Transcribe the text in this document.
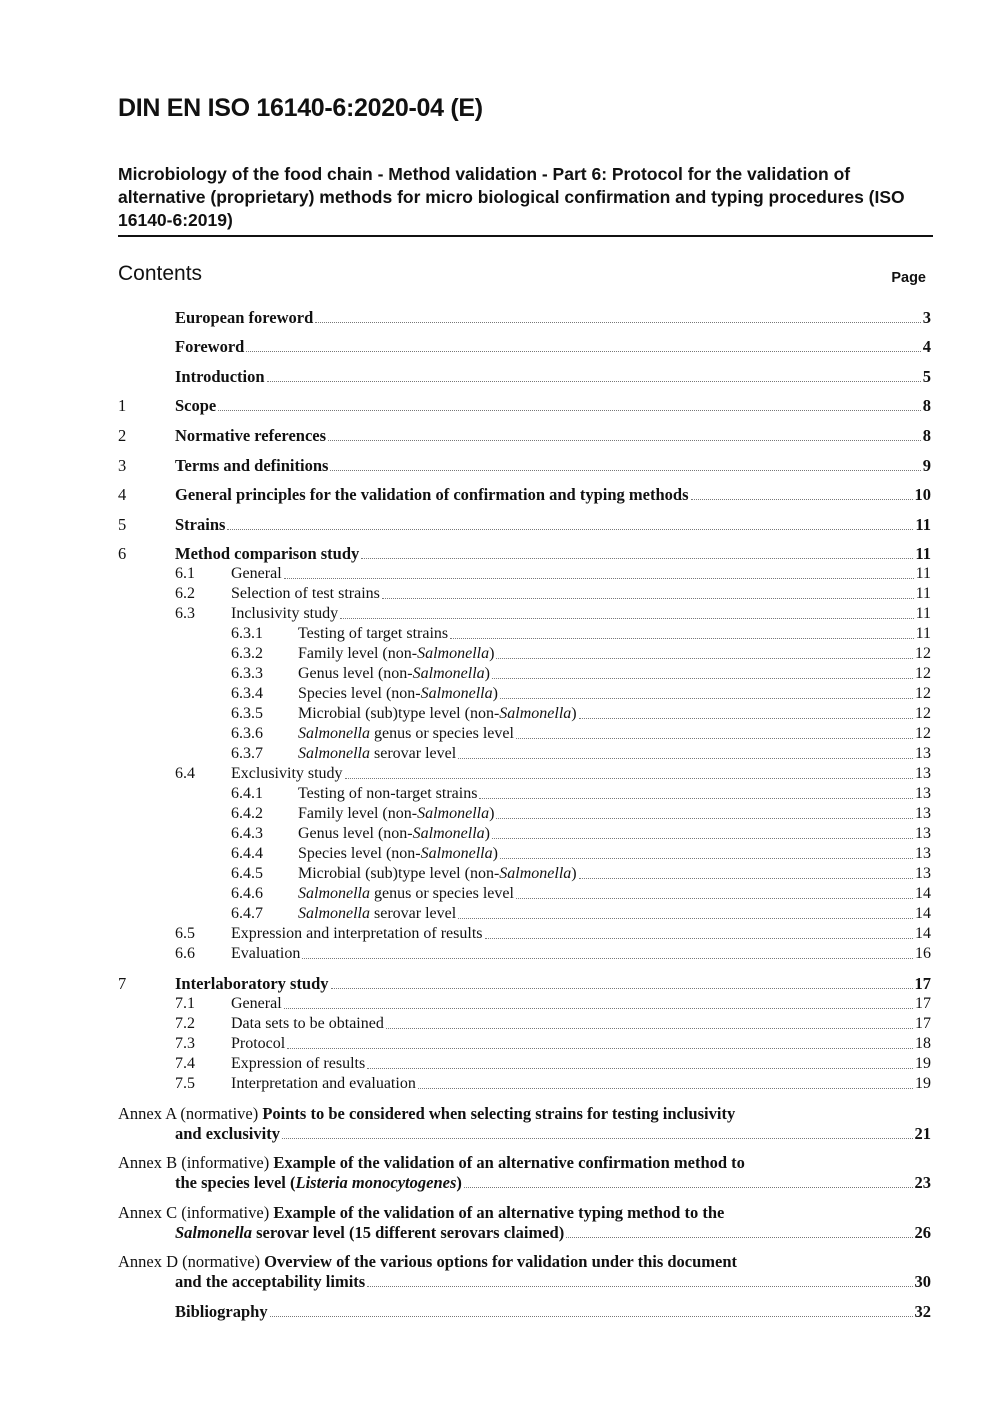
DIN EN ISO 16140-6:2020-04 (E)
Microbiology of the food chain - Method validation - Part 6: Protocol for the validation of alternative (proprietary) methods for micro biological confirmation and typing procedures (ISO 16140-6:2019)
Contents	Page
European foreword	3
Foreword	4
Introduction	5
1	Scope	8
2	Normative references	8
3	Terms and definitions	9
4	General principles for the validation of confirmation and typing methods	10
5	Strains	11
6	Method comparison study	11
6.1	General	11
6.2	Selection of test strains	11
6.3	Inclusivity study	11
6.3.1	Testing of target strains	11
6.3.2	Family level (non-Salmonella)	12
6.3.3	Genus level (non-Salmonella)	12
6.3.4	Species level (non-Salmonella)	12
6.3.5	Microbial (sub)type level (non-Salmonella)	12
6.3.6	Salmonella genus or species level	12
6.3.7	Salmonella serovar level	13
6.4	Exclusivity study	13
6.4.1	Testing of non-target strains	13
6.4.2	Family level (non-Salmonella)	13
6.4.3	Genus level (non-Salmonella)	13
6.4.4	Species level (non-Salmonella)	13
6.4.5	Microbial (sub)type level (non-Salmonella)	13
6.4.6	Salmonella genus or species level	14
6.4.7	Salmonella serovar level	14
6.5	Expression and interpretation of results	14
6.6	Evaluation	16
7	Interlaboratory study	17
7.1	General	17
7.2	Data sets to be obtained	17
7.3	Protocol	18
7.4	Expression of results	19
7.5	Interpretation and evaluation	19
Annex A (normative) Points to be considered when selecting strains for testing inclusivity
and exclusivity	21
Annex B (informative) Example of the validation of an alternative confirmation method to
the species level (Listeria monocytogenes)	23
Annex C (informative) Example of the validation of an alternative typing method to the
Salmonella serovar level (15 different serovars claimed)	26
Annex D (normative) Overview of the various options for validation under this document
and the acceptability limits	30
Bibliography	32
